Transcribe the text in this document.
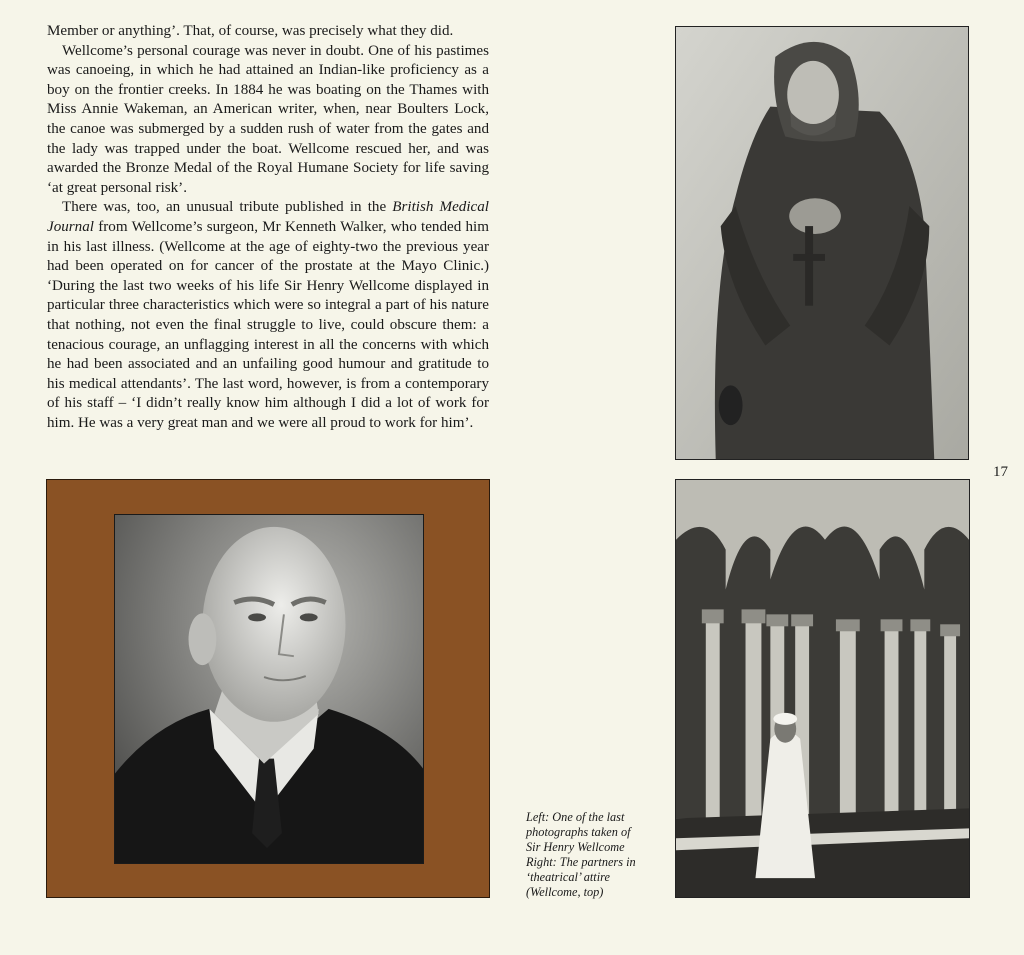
Member or anything’. That, of course, was precisely what they did.

Wellcome’s personal courage was never in doubt. One of his pastimes was canoeing, in which he had attained an Indian-like proficiency as a boy on the frontier creeks. In 1884 he was boating on the Thames with Miss Annie Wakeman, an American writer, when, near Boulters Lock, the canoe was submerged by a sudden rush of water from the gates and the lady was trapped under the boat. Wellcome rescued her, and was awarded the Bronze Medal of the Royal Humane Society for life saving ‘at great personal risk’.

There was, too, an unusual tribute published in the British Medical Journal from Wellcome’s surgeon, Mr Kenneth Walker, who tended him in his last illness. (Wellcome at the age of eighty-two the previous year had been operated on for cancer of the prostate at the Mayo Clinic.) ‘During the last two weeks of his life Sir Henry Wellcome displayed in particular three characteristics which were so integral a part of his nature that nothing, not even the final struggle to live, could obscure them: a tenacious courage, an unflagging interest in all the concerns with which he had been associated and an unfailing good humour and gratitude to his medical attendants’. The last word, however, is from a contemporary of his staff – ‘I didn’t really know him although I did a lot of work for him. He was a very great man and we were all proud to work for him’.

17
Left: One of the last
photographs taken of
Sir Henry Wellcome
Right: The partners in
‘theatrical’ attire
(Wellcome, top)
